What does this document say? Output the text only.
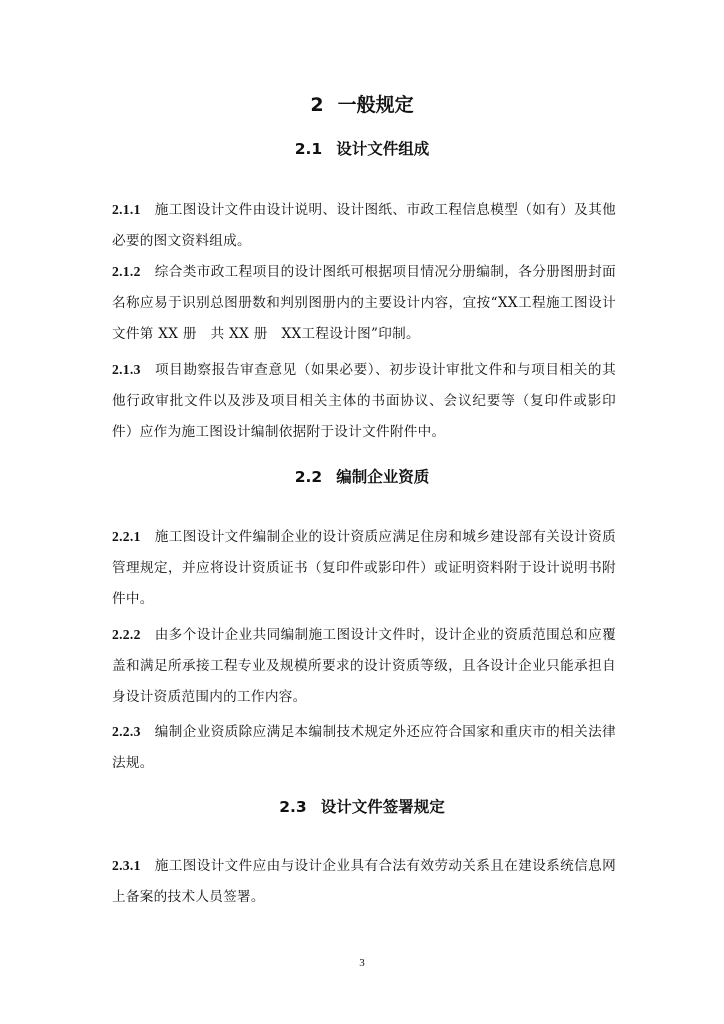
2 一般规定
2.1 设计文件组成

2.1.1 施工图设计文件由设计说明、设计图纸、市政工程信息模型（如有）及其他必要的图文资料组成。

2.1.2 综合类市政工程项目的设计图纸可根据项目情况分册编制，各分册图册封面名称应易于识别总图册数和判别图册内的主要设计内容，宜按“XX工程施工图设计文件第 XX 册　共 XX 册　XX工程设计图”印制。

2.1.3 项目勘察报告审查意见（如果必要）、初步设计审批文件和与项目相关的其他行政审批文件以及涉及项目相关主体的书面协议、会议纪要等（复印件或影印件）应作为施工图设计编制依据附于设计文件附件中。

2.2 编制企业资质

2.2.1 施工图设计文件编制企业的设计资质应满足住房和城乡建设部有关设计资质管理规定，并应将设计资质证书（复印件或影印件）或证明资料附于设计说明书附件中。

2.2.2 由多个设计企业共同编制施工图设计文件时，设计企业的资质范围总和应覆盖和满足所承接工程专业及规模所要求的设计资质等级，且各设计企业只能承担自身设计资质范围内的工作内容。

2.2.3 编制企业资质除应满足本编制技术规定外还应符合国家和重庆市的相关法律法规。

2.3 设计文件签署规定

2.3.1 施工图设计文件应由与设计企业具有合法有效劳动关系且在建设系统信息网上备案的技术人员签署。

3
